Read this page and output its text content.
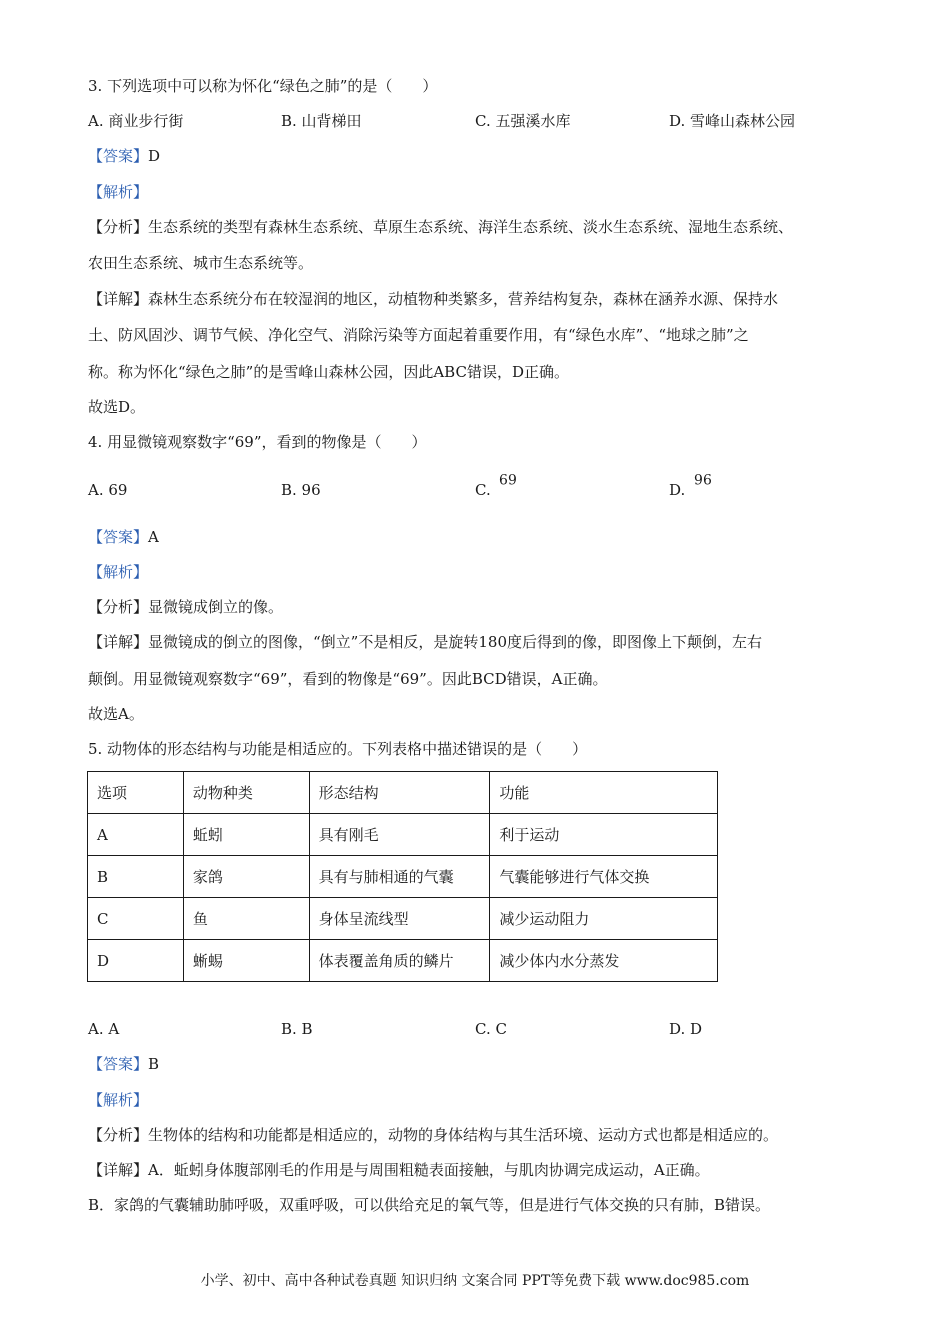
3. 下列选项中可以称为怀化“绿色之肺”的是（　　）
A. 商业步行街	B. 山背梯田	C. 五强溪水库	D. 雪峰山森林公园
【答案】D
【解析】
【分析】生态系统的类型有森林生态系统、草原生态系统、海洋生态系统、淡水生态系统、湿地生态系统、
农田生态系统、城市生态系统等。
【详解】森林生态系统分布在较湿润的地区，动植物种类繁多，营养结构复杂，森林在涵养水源、保持水
土、防风固沙、调节气候、净化空气、消除污染等方面起着重要作用，有“绿色水库”、“地球之肺”之
称。称为怀化“绿色之肺”的是雪峰山森林公园，因此ABC错误，D正确。
故选D。
4. 用显微镜观察数字“69”，看到的物像是（　　）
A. 69	B. 96	C.
69
D.
96
【答案】A
【解析】
【分析】显微镜成倒立的像。
【详解】显微镜成的倒立的图像，“倒立”不是相反，是旋转180度后得到的像，即图像上下颠倒，左右
颠倒。用显微镜观察数字“69”，看到的物像是“69”。因此BCD错误，A正确。
故选A。
5. 动物体的形态结构与功能是相适应的。下列表格中描述错误的是（　　）
选项	动物种类	形态结构	功能
A	蚯蚓	具有刚毛	利于运动
B	家鸽	具有与肺相通的气囊	气囊能够进行气体交换
C	鱼	身体呈流线型	减少运动阻力
D	蜥蜴	体表覆盖角质的鳞片	减少体内水分蒸发
A. A	B. B	C. C	D. D
【答案】B
【解析】
【分析】生物体的结构和功能都是相适应的，动物的身体结构与其生活环境、运动方式也都是相适应的。
【详解】A．蚯蚓身体腹部刚毛的作用是与周围粗糙表面接触，与肌肉协调完成运动，A正确。
B．家鸽的气囊辅助肺呼吸，双重呼吸，可以供给充足的氧气等，但是进行气体交换的只有肺，B错误。
小学、初中、高中各种试卷真题 知识归纳 文案合同 PPT等免费下载 www.doc985.com
